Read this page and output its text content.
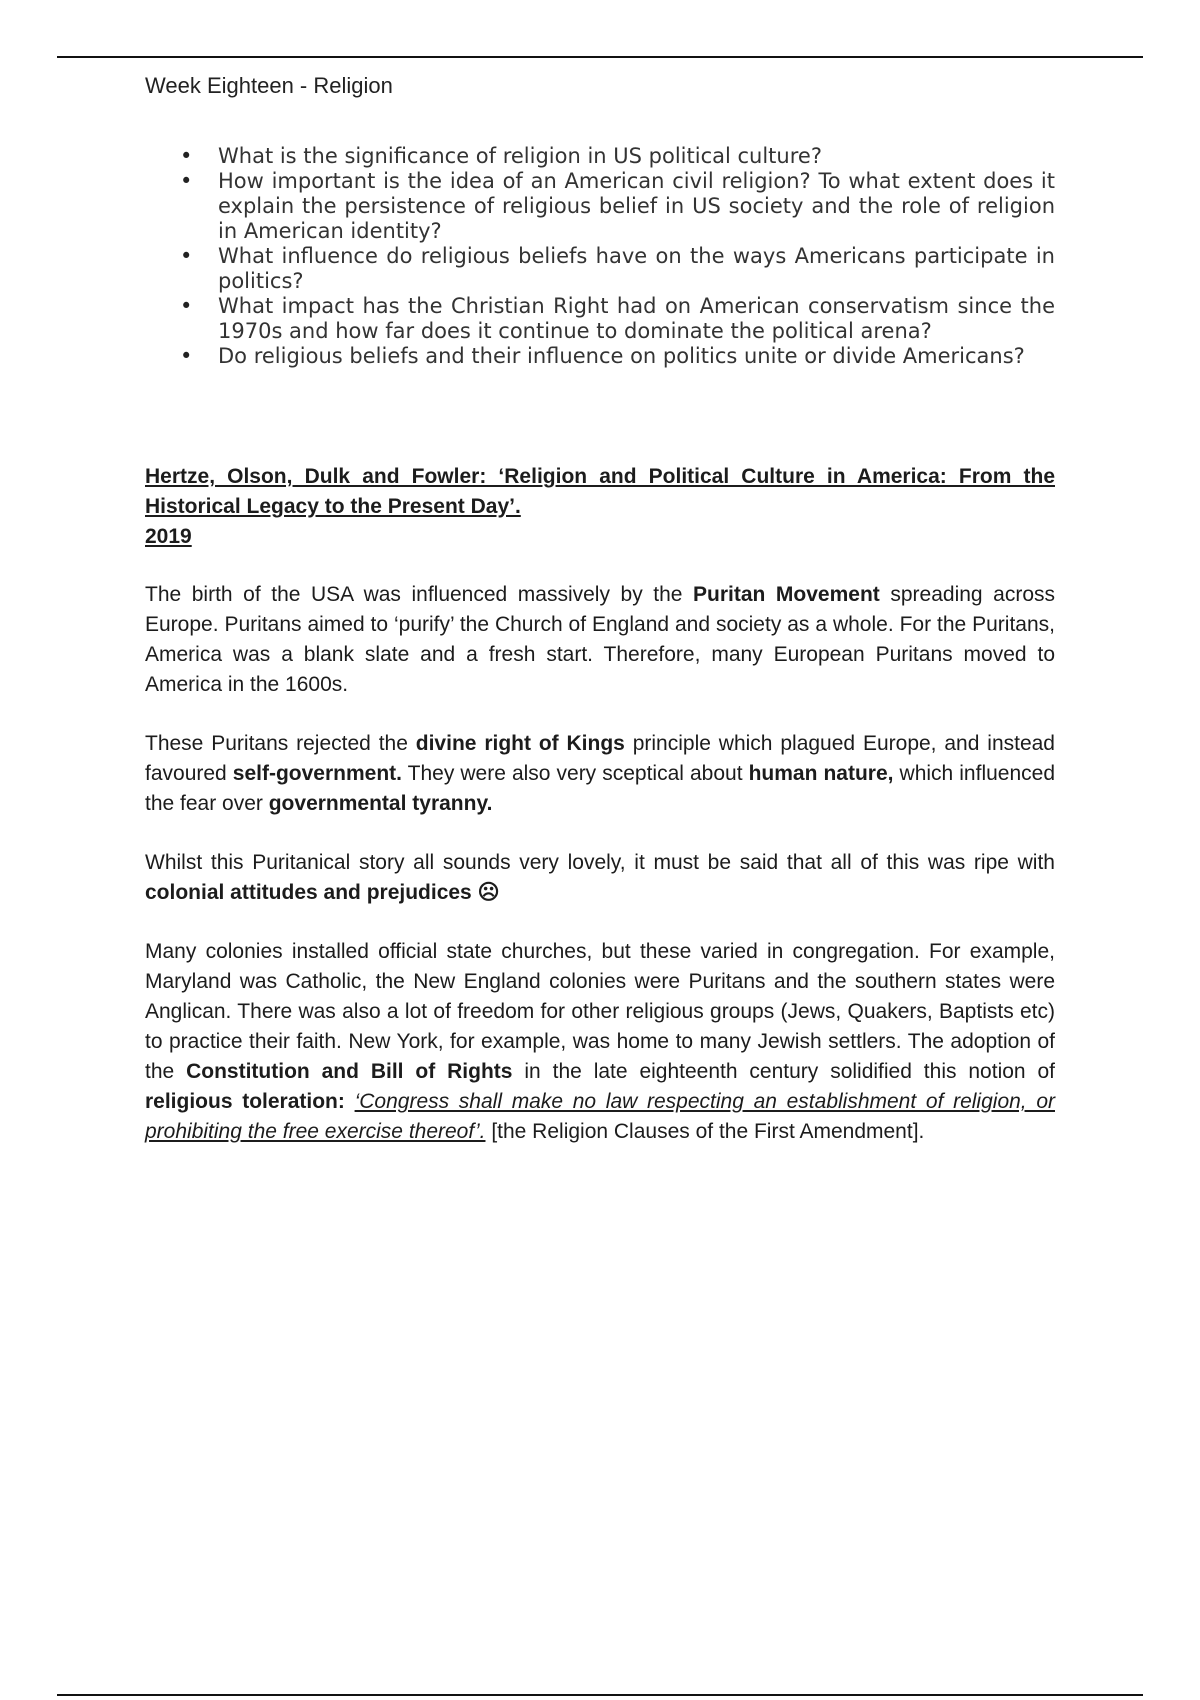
Week Eighteen - Religion
• What is the significance of religion in US political culture?
• How important is the idea of an American civil religion? To what extent does it explain the persistence of religious belief in US society and the role of religion in American identity?
• What influence do religious beliefs have on the ways Americans participate in politics?
• What impact has the Christian Right had on American conservatism since the 1970s and how far does it continue to dominate the political arena?
• Do religious beliefs and their influence on politics unite or divide Americans?

Hertze, Olson, Dulk and Fowler: ‘Religion and Political Culture in America: From the Historical Legacy to the Present Day’.

2019

The birth of the USA was influenced massively by the Puritan Movement spreading across Europe. Puritans aimed to ‘purify’ the Church of England and society as a whole. For the Puritans, America was a blank slate and a fresh start. Therefore, many European Puritans moved to America in the 1600s.

These Puritans rejected the divine right of Kings principle which plagued Europe, and instead favoured self-government. They were also very sceptical about human nature, which influenced the fear over governmental tyranny.

Whilst this Puritanical story all sounds very lovely, it must be said that all of this was ripe with colonial attitudes and prejudices ☹

Many colonies installed official state churches, but these varied in congregation. For example, Maryland was Catholic, the New England colonies were Puritans and the southern states were Anglican. There was also a lot of freedom for other religious groups (Jews, Quakers, Baptists etc) to practice their faith. New York, for example, was home to many Jewish settlers. The adoption of the Constitution and Bill of Rights in the late eighteenth century solidified this notion of religious toleration: ‘Congress shall make no law respecting an establishment of religion, or prohibiting the free exercise thereof’. [the Religion Clauses of the First Amendment].
